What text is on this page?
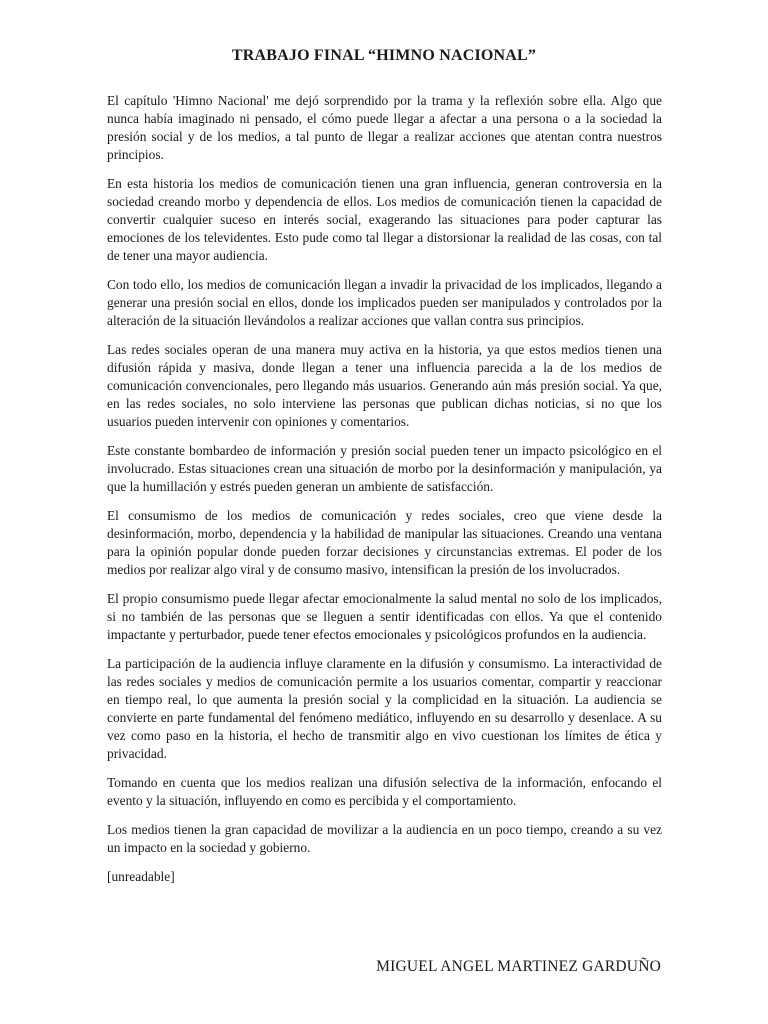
TRABAJO FINAL “HIMNO NACIONAL”

El capítulo 'Himno Nacional' me dejó sorprendido por la trama y la reflexión sobre ella. Algo que nunca había imaginado ni pensado, el cómo puede llegar a afectar a una persona o a la sociedad la presión social y de los medios, a tal punto de llegar a realizar acciones que atentan contra nuestros principios.

En esta historia los medios de comunicación tienen una gran influencia, generan controversia en la sociedad creando morbo y dependencia de ellos. Los medios de comunicación tienen la capacidad de convertir cualquier suceso en interés social, exagerando las situaciones para poder capturar las emociones de los televidentes. Esto pude como tal llegar a distorsionar la realidad de las cosas, con tal de tener una mayor audiencia.

Con todo ello, los medios de comunicación llegan a invadir la privacidad de los implicados, llegando a generar una presión social en ellos, donde los implicados pueden ser manipulados y controlados por la alteración de la situación llevándolos a realizar acciones que vallan contra sus principios.

Las redes sociales operan de una manera muy activa en la historia, ya que estos medios tienen una difusión rápida y masiva, donde llegan a tener una influencia parecida a la de los medios de comunicación convencionales, pero llegando más usuarios. Generando aún más presión social. Ya que, en las redes sociales, no solo interviene las personas que publican dichas noticias, si no que los usuarios pueden intervenir con opiniones y comentarios.

Este constante bombardeo de información y presión social pueden tener un impacto psicológico en el involucrado. Estas situaciones crean una situación de morbo por la desinformación y manipulación, ya que la humillación y estrés pueden generan un ambiente de satisfacción.

El consumismo de los medios de comunicación y redes sociales, creo que viene desde la desinformación, morbo, dependencia y la habilidad de manipular las situaciones. Creando una ventana para la opinión popular donde pueden forzar decisiones y circunstancias extremas. El poder de los medios por realizar algo viral y de consumo masivo, intensifican la presión de los involucrados.

El propio consumismo puede llegar afectar emocionalmente la salud mental no solo de los implicados, si no también de las personas que se lleguen a sentir identificadas con ellos. Ya que el contenido impactante y perturbador, puede tener efectos emocionales y psicológicos profundos en la audiencia.

La participación de la audiencia influye claramente en la difusión y consumismo. La interactividad de las redes sociales y medios de comunicación permite a los usuarios comentar, compartir y reaccionar en tiempo real, lo que aumenta la presión social y la complicidad en la situación. La audiencia se convierte en parte fundamental del fenómeno mediático, influyendo en su desarrollo y desenlace. A su vez como paso en la historia, el hecho de transmitir algo en vivo cuestionan los límites de ética y privacidad.

Tomando en cuenta que los medios realizan una difusión selectiva de la información, enfocando el evento y la situación, influyendo en como es percibida y el comportamiento.

Los medios tienen la gran capacidad de movilizar a la audiencia en un poco tiempo, creando a su vez un impacto en la sociedad y gobierno.

[unreadable]

MIGUEL ANGEL MARTINEZ GARDUÑO
